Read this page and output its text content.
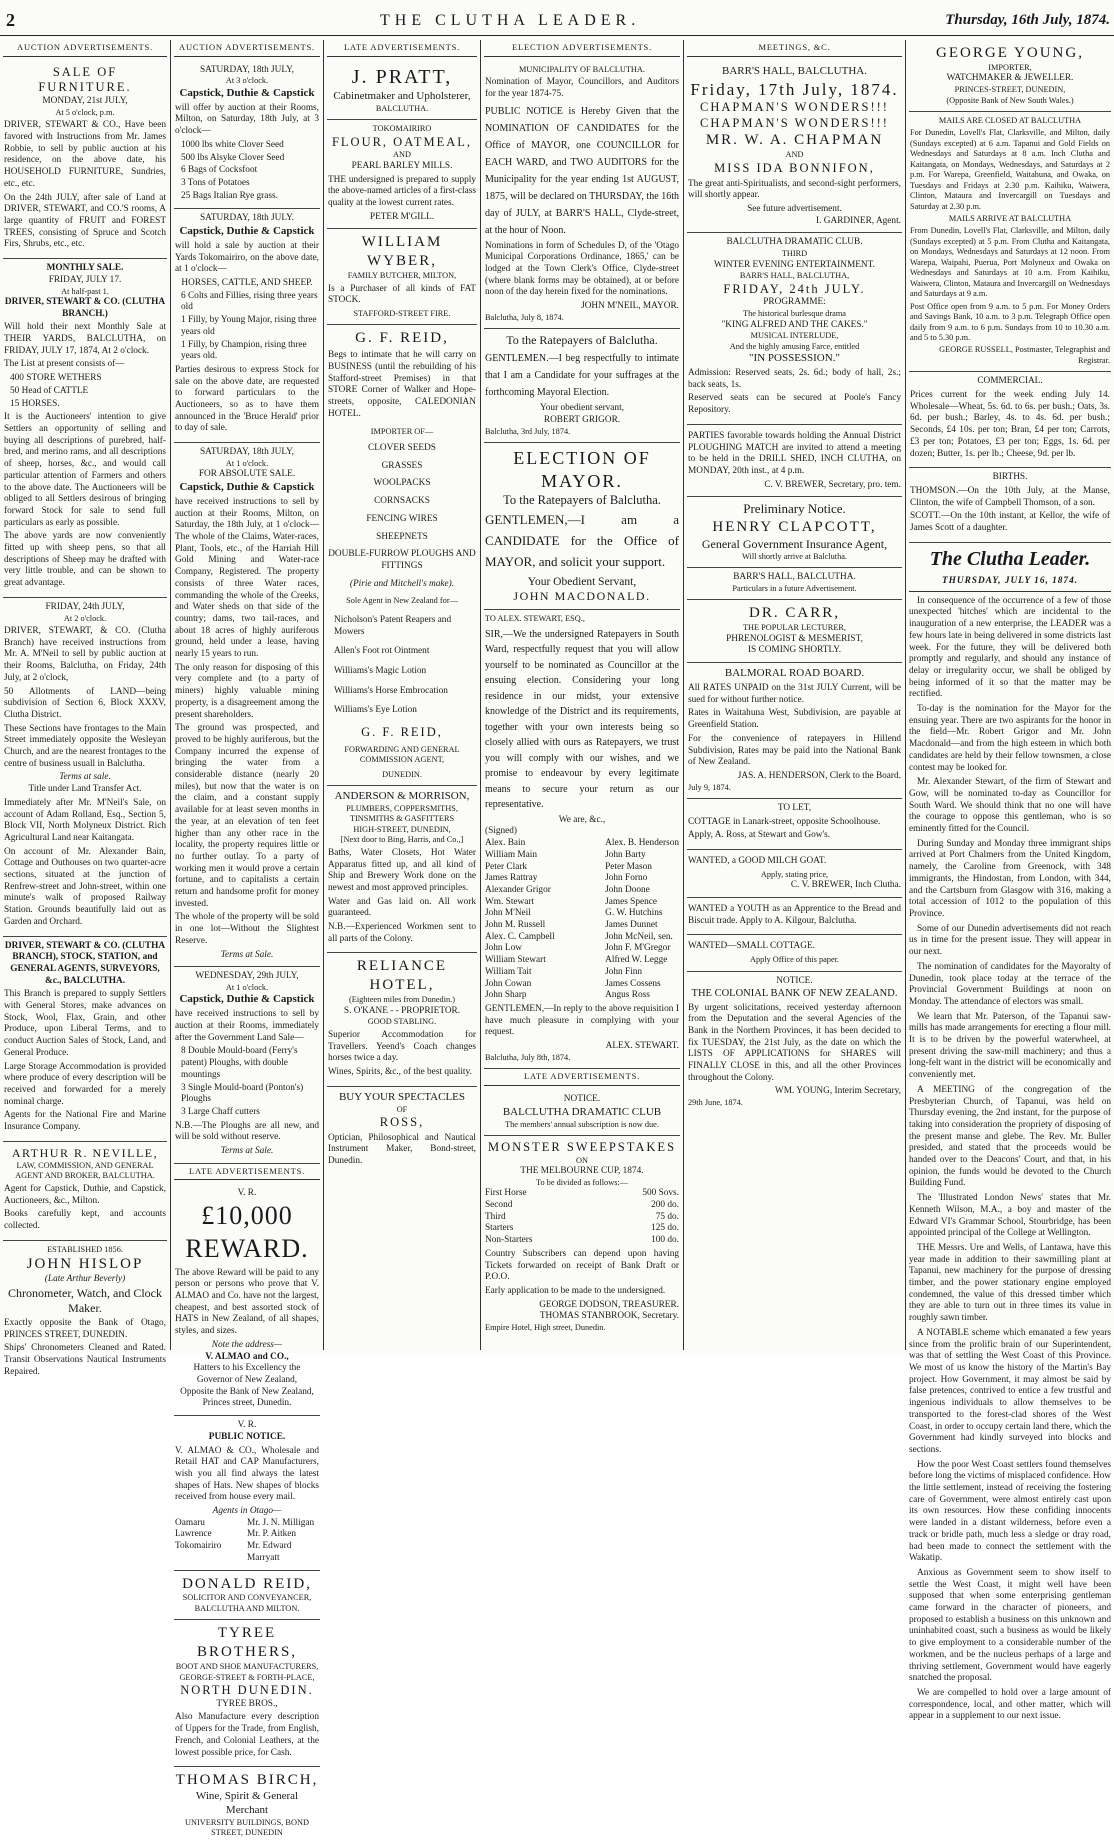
2	THE CLUTHA LEADER.	Thursday, 16th July, 1874.
AUCTION ADVERTISEMENTS.
SALE OF FURNITURE.
MONDAY, 21st JULY,
At 5 o'clock, p.m.

DRIVER, STEWART & CO., Have been favored with Instructions from Mr. James Robbie, to sell by public auction at his residence, on the above date, his HOUSEHOLD FURNITURE, Sundries, etc., etc.

On the 24th JULY, after sale of Land at DRIVER, STEWART, and CO.'S rooms, A large quantity of FRUIT and FOREST TREES, consisting of Spruce and Scotch Firs, Shrubs, etc., etc.

MONTHLY SALE.
FRIDAY, JULY 17.
At half-past 1.
DRIVER, STEWART & CO. (CLUTHA BRANCH.)

Will hold their next Monthly Sale at THEIR YARDS, BALCLUTHA, on FRIDAY, JULY 17, 1874, At 2 o'clock.

The List at present consists of—

400 STORE WETHERS
50 Head of CATTLE
15 HORSES.

It is the Auctioneers' intention to give Settlers an opportunity of selling and buying all descriptions of purebred, half-bred, and merino rams, and all descriptions of sheep, horses, &c., and would call particular attention of Farmers and others to the above date. The Auctioneers will be obliged to all Settlers desirous of bringing forward Stock for sale to send full particulars as early as possible.

The above yards are now conveniently fitted up with sheep pens, so that all descriptions of Sheep may be drafted with very little trouble, and can be shown to great advantage.

FRIDAY, 24th JULY,
At 2 o'clock.

DRIVER, STEWART, & CO. (Clutha Branch) have received instructions from Mr. A. M'Neil to sell by public auction at their Rooms, Balclutha, on Friday, 24th July, at 2 o'clock,

50 Allotments of LAND—being subdivision of Section 6, Block XXXV, Clutha District.

These Sections have frontages to the Main Street immediately opposite the Wesleyan Church, and are the nearest frontages to the centre of business usuall in Balclutha.

Terms at sale.
Title under Land Transfer Act.

Immediately after Mr. M'Neil's Sale, on account of Adam Rolland, Esq., Section 5, Block VII, North Molyneux District. Rich Agricultural Land near Kaitangata.

On account of Mr. Alexander Bain, Cottage and Outhouses on two quarter-acre sections, situated at the junction of Renfrew-street and John-street, within one minute's walk of proposed Railway Station. Grounds beautifully laid out as Garden and Orchard.

DRIVER, STEWART & CO. (CLUTHA BRANCH), STOCK, STATION, and GENERAL AGENTS, SURVEYORS, &c., BALCLUTHA.

This Branch is prepared to supply Settlers with General Stores, make advances on Stock, Wool, Flax, Grain, and other Produce, upon Liberal Terms, and to conduct Auction Sales of Stock, Land, and General Produce.

Large Storage Accommodation is provided where produce of every description will be received and forwarded for a merely nominal charge.

Agents for the National Fire and Marine Insurance Company.

ARTHUR R. NEVILLE,
LAW, COMMISSION, AND GENERAL AGENT AND BROKER, BALCLUTHA.

Agent for Capstick, Duthie, and Capstick, Auctioneers, &c., Milton.

Books carefully kept, and accounts collected.

ESTABLISHED 1856.
JOHN HISLOP
(Late Arthur Beverly)
Chronometer, Watch, and Clock Maker.

Exactly opposite the Bank of Otago, PRINCES STREET, DUNEDIN.

Ships' Chronometers Cleaned and Rated. Transit Observations Nautical Instruments Repaired.

AUCTION ADVERTISEMENTS.
SATURDAY, 18th JULY,
At 3 o'clock.
Capstick, Duthie & Capstick

will offer by auction at their Rooms, Milton, on Saturday, 18th July, at 3 o'clock—

1000 lbs white Clover Seed
500 lbs Alsyke Clover Seed
6 Bags of Cocksfoot
3 Tons of Potatoes
25 Bags Italian Rye grass.
SATURDAY, 18th JULY.
Capstick, Duthie & Capstick

will hold a sale by auction at their Yards Tokomairiro, on the above date, at 1 o'clock—

HORSES, CATTLE, AND SHEEP.
6 Colts and Fillies, rising three years old
1 Filly, by Young Major, rising three years old
1 Filly, by Champion, rising three years old.

Parties desirous to express Stock for sale on the above date, are requested to forward particulars to the Auctioneers, so as to have them announced in the 'Bruce Herald' prior to day of sale.

SATURDAY, 18th JULY,
At 1 o'clock.
FOR ABSOLUTE SALE.
Capstick, Duthie & Capstick

have received instructions to sell by auction at their Rooms, Milton, on Saturday, the 18th July, at 1 o'clock— The whole of the Claims, Water-races, Plant, Tools, etc., of the Harriah Hill Gold Mining and Water-race Company, Registered. The property consists of three Water races, commanding the whole of the Creeks, and Water sheds on that side of the country; dams, two tail-races, and about 18 acres of highly auriferous ground, held under a lease, having nearly 15 years to run.

The only reason for disposing of this very complete and (to a party of miners) highly valuable mining property, is a disagreement among the present shareholders.

The ground was prospected, and proved to be highly auriferous, but the Company incurred the expense of bringing the water from a considerable distance (nearly 20 miles), but now that the water is on the claim, and a constant supply available for at least seven months in the year, at an elevation of ten feet higher than any other race in the locality, the property requires little or no further outlay. To a party of working men it would prove a certain fortune, and to capitalists a certain return and handsome profit for money invested.

The whole of the property will be sold in one lot—Without the Slightest Reserve.

Terms at Sale.
WEDNESDAY, 29th JULY,
At 1 o'clock.
Capstick, Duthie & Capstick

have received instructions to sell by auction at their Rooms, immediately after the Government Land Sale—

8 Double Mould-board (Ferry's patent) Ploughs, with double mountings
3 Single Mould-board (Ponton's) Ploughs
3 Large Chaff cutters

N.B.—The Ploughs are all new, and will be sold without reserve.

Terms at Sale.
LATE ADVERTISEMENTS.
V. R.
£10,000 REWARD.

The above Reward will be paid to any person or persons who prove that V. ALMAO and Co. have not the largest, cheapest, and best assorted stock of HATS in New Zealand, of all shapes, styles, and sizes.

Note the address—
V. ALMAO and CO.,
Hatters to his Excellency the Governor of New Zealand,
Opposite the Bank of New Zealand, Princes street, Dunedin.
V. R.
PUBLIC NOTICE.

V. ALMAO & CO., Wholesale and Retail HAT and CAP Manufacturers, wish you all find always the latest shapes of Hats. New shapes of blocks received from house every mail.

Agents in Otago—
Oamaru	Mr. J. N. Milligan
Lawrence	Mr. P. Aitken
Tokomairiro	Mr. Edward Marryatt
DONALD REID,
SOLICITOR AND CONVEYANCER,
BALCLUTHA AND MILTON.
TYREE BROTHERS,
BOOT AND SHOE MANUFACTURERS,
GEORGE-STREET & FORTH-PLACE,
NORTH DUNEDIN.
TYREE BROS.,

Also Manufacture every description of Uppers for the Trade, from English, French, and Colonial Leathers, at the lowest possible price, for Cash.

THOMAS BIRCH,
Wine, Spirit & General Merchant
UNIVERSITY BUILDINGS, BOND STREET, DUNEDIN
LATE ADVERTISEMENTS.
J. PRATT,
Cabinetmaker and Upholsterer,
BALCLUTHA.
TOKOMAIRIRO
FLOUR, OATMEAL,
AND
PEARL BARLEY MILLS.

THE undersigned is prepared to supply the above-named articles of a first-class quality at the lowest current rates.

PETER M'GILL.
WILLIAM WYBER,
FAMILY BUTCHER, MILTON,

Is a Purchaser of all kinds of FAT STOCK.

STAFFORD-STREET FIRE.
G. F. REID,

Begs to intimate that he will carry on BUSINESS (until the rebuilding of his Stafford-street Premises) in that STORE Corner of Walker and Hope-streets, opposite, CALEDONIAN HOTEL.

IMPORTER OF—
CLOVER SEEDS
GRASSES
WOOLPACKS
CORNSACKS
FENCING WIRES
SHEEPNETS
DOUBLE-FURROW PLOUGHS AND FITTINGS
(Pirie and Mitchell's make).
Sole Agent in New Zealand for—
Nicholson's Patent Reapers and Mowers
Allen's Foot rot Ointment
Williams's Magic Lotion
Williams's Horse Embrocation
Williams's Eye Lotion
G. F. REID,
FORWARDING AND GENERAL COMMISSION AGENT,
DUNEDIN.
ANDERSON & MORRISON,
PLUMBERS, COPPERSMITHS, TINSMITHS & GASFITTERS
HIGH-STREET, DUNEDIN,
[Next door to Bing, Harris, and Co.,]

Baths, Water Closets, Hot Water Apparatus fitted up, and all kind of Ship and Brewery Work done on the newest and most approved principles.

Water and Gas laid on. All work guaranteed.

N.B.—Experienced Workmen sent to all parts of the Colony.

RELIANCE HOTEL,
(Eighteen miles from Dunedin.)
S. O'KANE - - PROPRIETOR.
GOOD STABLING.

Superior Accommodation for Travellers. Yeend's Coach changes horses twice a day.

Wines, Spirits, &c., of the best quality.

BUY YOUR SPECTACLES
OF
ROSS,

Optician, Philosophical and Nautical Instrument Maker, Bond-street, Dunedin.

ELECTION ADVERTISEMENTS.
MUNICIPALITY OF BALCLUTHA.

Nomination of Mayor, Councillors, and Auditors for the year 1874-75.

PUBLIC NOTICE is Hereby Given that the NOMINATION OF CANDIDATES for the Office of MAYOR, one COUNCILLOR for EACH WARD, and TWO AUDITORS for the Municipality for the year ending 1st AUGUST, 1875, will be declared on THURSDAY, the 16th day of JULY, at BARR'S HALL, Clyde-street, at the hour of Noon.

Nominations in form of Schedules D, of the 'Otago Municipal Corporations Ordinance, 1865,' can be lodged at the Town Clerk's Office, Clyde-street (where blank forms may be obtained), at or before noon of the day herein fixed for the nominations.

JOHN M'NEIL, MAYOR.
Balclutha, July 8, 1874.
To the Ratepayers of Balclutha.

GENTLEMEN.—I beg respectfully to intimate that I am a Candidate for your suffrages at the forthcoming Mayoral Election.

Your obedient servant,
ROBERT GRIGOR.
Balclutha, 3rd July, 1874.
ELECTION OF MAYOR.
To the Ratepayers of Balclutha.

GENTLEMEN,—I am a CANDIDATE for the Office of MAYOR, and solicit your support.

Your Obedient Servant,
JOHN MACDONALD.
TO ALEX. STEWART, ESQ.,

SIR,—We the undersigned Ratepayers in South Ward, respectfully request that you will allow yourself to be nominated as Councillor at the ensuing election. Considering your long residence in our midst, your extensive knowledge of the District and its requirements, together with your own interests being so closely allied with ours as Ratepayers, we trust you will comply with our wishes, and we promise to endeavour by every legitimate means to secure your return as our representative.

We are, &c.,
(Signed)
Alex. Bain
William Main
Peter Clark
James Rattray
Alexander Grigor
Wm. Stewart
John M'Neil
John M. Russell
Alex. C. Campbell
John Low
William Stewart
William Tait
John Cowan
John Sharp
Alex. B. Henderson
John Barty
Peter Mason
John Forno
John Doone
James Spence
G. W. Hutchins
James Dunnet
John McNeil, sen.
John F. M'Gregor
Alfred W. Legge
John Finn
James Cossens
Angus Ross

GENTLEMEN,—In reply to the above requisition I have much pleasure in complying with your request.

ALEX. STEWART.
Balclutha, July 8th, 1874.
LATE ADVERTISEMENTS.
NOTICE.
BALCLUTHA DRAMATIC CLUB
The members' annual subscription is now due.
MONSTER SWEEPSTAKES
ON
THE MELBOURNE CUP, 1874.
To be divided as follows:—
First Horse	500 Sovs.
Second	200 do.
Third	75 do.
Starters	125 do.
Non-Starters	100 do.

Country Subscribers can depend upon having Tickets forwarded on receipt of Bank Draft or P.O.O.

Early application to be made to the undersigned.

GEORGE DODSON, TREASURER.
THOMAS STANBROOK, Secretary.
Empire Hotel, High street, Dunedin.
MEETINGS, &C.
BARR'S HALL, BALCLUTHA.
Friday, 17th July, 1874.
CHAPMAN'S WONDERS!!!
CHAPMAN'S WONDERS!!!
MR. W. A. CHAPMAN
AND
MISS IDA BONNIFON,

The great anti-Spiritualists, and second-sight performers, will shortly appear.

See future advertisement.
I. GARDINER, Agent.
BALCLUTHA DRAMATIC CLUB.
THIRD
WINTER EVENING ENTERTAINMENT.
BARR'S HALL, BALCLUTHA,
FRIDAY, 24th JULY.
PROGRAMME:
The historical burlesque drama
"KING ALFRED AND THE CAKES."
MUSICAL INTERLUDE,
And the highly amusing Farce, entitled
"IN POSSESSION."

Admission: Reserved seats, 2s. 6d.; body of hall, 2s.; back seats, 1s.

Reserved seats can be secured at Poole's Fancy Repository.

PARTIES favorable towards holding the Annual District PLOUGHING MATCH are invited to attend a meeting to be held in the DRILL SHED, INCH CLUTHA, on MONDAY, 20th inst., at 4 p.m.

C. V. BREWER, Secretary, pro. tem.
Preliminary Notice.
HENRY CLAPCOTT,
General Government Insurance Agent,
Will shortly arrive at Balclutha.
BARR'S HALL, BALCLUTHA.
Particulars in a future Advertisement.
DR. CARR,
THE POPULAR LECTURER,
PHRENOLOGIST & MESMERIST,
IS COMING SHORTLY.
BALMORAL ROAD BOARD.

All RATES UNPAID on the 31st JULY Current, will be sued for without further notice.

Rates in Waitahuna West, Subdivision, are payable at Greenfield Station.

For the convenience of ratepayers in Hillend Subdivision, Rates may be paid into the National Bank of New Zealand.

JAS. A. HENDERSON, Clerk to the Board.
July 9, 1874.
TO LET,

COTTAGE in Lanark-street, opposite Schoolhouse.

Apply, A. Ross, at Stewart and Gow's.

WANTED, a GOOD MILCH GOAT.

Apply, stating price,
C. V. BREWER, Inch Clutha.

WANTED a YOUTH as an Apprentice to the Bread and Biscuit trade. Apply to A. Kilgour, Balclutha.

WANTED—SMALL COTTAGE.

Apply Office of this paper.
NOTICE.
THE COLONIAL BANK OF NEW ZEALAND.

By urgent solicitations, received yesterday afternoon from the Deputation and the several Agencies of the Bank in the Northern Provinces, it has been decided to fix TUESDAY, the 21st July, as the date on which the LISTS OF APPLICATIONS for SHARES will FINALLY CLOSE in this, and all the other Provinces throughout the Colony.

WM. YOUNG, Interim Secretary,
29th June, 1874.
GEORGE YOUNG,
IMPORTER,
WATCHMAKER & JEWELLER.
PRINCES-STREET, DUNEDIN,
(Opposite Bank of New South Wales.)
MAILS ARE CLOSED AT BALCLUTHA

For Dunedin, Lovell's Flat, Clarksville, and Milton, daily (Sundays excepted) at 6 a.m. Tapanui and Gold Fields on Wednesdays and Saturdays at 8 a.m. Inch Clutha and Kaitangata, on Mondays, Wednesdays, and Saturdays at 2 p.m. For Warepa, Greenfield, Waitahuna, and Owaka, on Tuesdays and Fridays at 2.30 p.m. Kaihiku, Waiwera, Clinton, Mataura and Invercargill on Tuesdays and Saturday at 2.30 p.m.

MAILS ARRIVE AT BALCLUTHA

From Dunedin, Lovell's Flat, Clarksville, and Milton, daily (Sundays excepted) at 5 p.m. From Clutha and Kaitangata, on Mondays, Wednesdays and Saturdays at 12 noon. From Warepa, Waipahi, Puerua, Port Molyneux and Owaka on Wednesdays and Saturdays at 10 a.m. From Kaihiku, Waiwera, Clinton, Mataura and Invercargill on Wednesdays and Saturdays at 9 a.m.

Post Office open from 9 a.m. to 5 p.m. For Money Orders and Savings Bank, 10 a.m. to 3 p.m. Telegraph Office open daily from 9 a.m. to 6 p.m. Sundays from 10 to 10.30 a.m. and 5 to 5.30 p.m.

GEORGE RUSSELL, Postmaster, Telegraphist and Registrar.
COMMERCIAL.

Prices current for the week ending July 14. Wholesale—Wheat, 5s. 6d. to 6s. per bush.; Oats, 3s. 6d. per bush.; Barley, 4s. to 4s. 6d. per bush.; Seconds, £4 10s. per ton; Bran, £4 per ton; Carrots, £3 per ton; Potatoes, £3 per ton; Eggs, 1s. 6d. per dozen; Butter, 1s. per lb.; Cheese, 9d. per lb.

BIRTHS.

THOMSON.—On the 10th July, at the Manse, Clinton, the wife of Campbell Thomson, of a son.

SCOTT.—On the 10th instant, at Kellor, the wife of James Scott of a daughter.

The Clutha Leader.
THURSDAY, JULY 16, 1874.

In consequence of the occurrence of a few of those unexpected 'hitches' which are incidental to the inauguration of a new enterprise, the LEADER was a few hours late in being delivered in some districts last week. For the future, they will be delivered both promptly and regularly, and should any instance of delay or irregularity occur, we shall be obliged by being informed of it so that the matter may be rectified.

To-day is the nomination for the Mayor for the ensuing year. There are two aspirants for the honor in the field—Mr. Robert Grigor and Mr. John Macdonald—and from the high esteem in which both candidates are held by their fellow townsmen, a close contest may be looked for.

Mr. Alexander Stewart, of the firm of Stewart and Gow, will be nominated to-day as Councillor for South Ward. We should think that no one will have the courage to oppose this gentleman, who is so eminently fitted for the Council.

During Sunday and Monday three immigrant ships arrived at Port Chalmers from the United Kingdom, namely, the Caroline from Greenock, with 348 immigrants, the Hindostan, from London, with 344, and the Cartsburn from Glasgow with 316, making a total accession of 1012 to the population of this Province.

Some of our Dunedin advertisements did not reach us in time for the present issue. They will appear in our next.

The nomination of candidates for the Mayoralty of Dunedin, took place today at the terrace of the Provincial Government Buildings at noon on Monday. The attendance of electors was small.

We learn that Mr. Paterson, of the Tapanui saw-mills has made arrangements for erecting a flour mill. It is to be driven by the powerful waterwheel, at present driving the saw-mill machinery; and thus a long-felt want in the district will be economically and conveniently met.

A MEETING of the congregation of the Presbyterian Church, of Tapanui, was held on Thursday evening, the 2nd instant, for the purpose of taking into consideration the propriety of disposing of the present manse and glebe. The Rev. Mr. Buller presided, and stated that the proceeds would be handed over to the Deacons' Court, and that, in his opinion, the funds would be devoted to the Church Building Fund.

The 'Illustrated London News' states that Mr. Kenneth Wilson, M.A., a boy and master of the Edward VI's Grammar School, Stourbridge, has been appointed principal of the College at Wellington.

THE Messrs. Ure and Wells, of Lantawa, have this year made in addition to their sawmilling plant at Tapanui, new machinery for the purpose of dressing timber, and the power stationary engine employed condemned, the value of this dressed timber which they are able to turn out in three times its value in roughly sawn timber.

A NOTABLE scheme which emanated a few years since from the prolific brain of our Superintendent, was that of settling the West Coast of this Province. We most of us know the history of the Martin's Bay project. How Government, it may almost be said by false pretences, contrived to entice a few trustful and ingenious individuals to allow themselves to be transported to the forest-clad shores of the West Coast, in order to occupy certain land there, which the Government had kindly surveyed into blocks and sections.

How the poor West Coast settlers found themselves before long the victims of misplaced confidence. How the little settlement, instead of receiving the fostering care of Government, were almost entirely cast upon its own resources. How these confiding innocents were landed in a distant wilderness, before even a track or bridle path, much less a sledge or dray road, had been made to connect the settlement with the Wakatip.

Anxious as Government seem to show itself to settle the West Coast, it might well have been supposed that when some enterprising gentleman came forward in the character of pioneers, and proposed to establish a business on this unknown and uninhabited coast, such a business as would be likely to give employment to a considerable number of the workmen, and be the nucleus perhaps of a large and thriving settlement, Government would have eagerly snatched the proposal.

We are compelled to hold over a large amount of correspondence, local, and other matter, which will appear in a supplement to our next issue.
